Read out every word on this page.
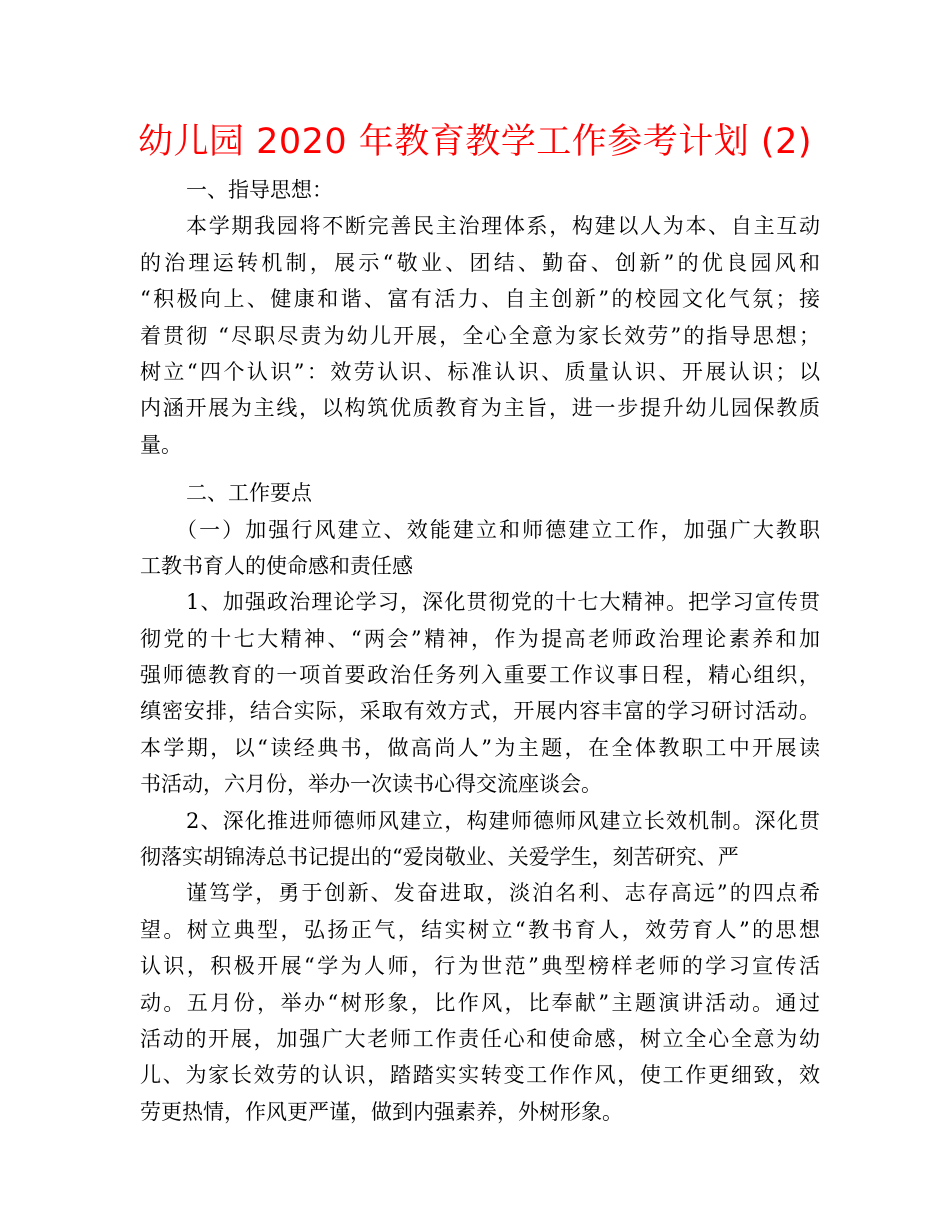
幼儿园 2020 年教育教学工作参考计划 (2)
一、指导思想：
本学期我园将不断完善民主治理体系，构建以人为本、自主互动
的治理运转机制，展示“敬业、团结、勤奋、创新”的优良园风和
“积极向上、健康和谐、富有活力、自主创新”的校园文化气氛；接
着贯彻 “尽职尽责为幼儿开展，全心全意为家长效劳”的指导思想；
树立“四个认识”：效劳认识、标准认识、质量认识、开展认识；以
内涵开展为主线，以构筑优质教育为主旨，进一步提升幼儿园保教质
量。
二、工作要点
（一）加强行风建立、效能建立和师德建立工作，加强广大教职
工教书育人的使命感和责任感
1、加强政治理论学习，深化贯彻党的十七大精神。把学习宣传贯
彻党的十七大精神、“两会”精神，作为提高老师政治理论素养和加
强师德教育的一项首要政治任务列入重要工作议事日程，精心组织，
缜密安排，结合实际，采取有效方式，开展内容丰富的学习研讨活动。
本学期，以“读经典书，做高尚人”为主题，在全体教职工中开展读
书活动，六月份，举办一次读书心得交流座谈会。
2、深化推进师德师风建立，构建师德师风建立长效机制。深化贯
彻落实胡锦涛总书记提出的“爱岗敬业、关爱学生，刻苦研究、严
谨笃学，勇于创新、发奋进取，淡泊名利、志存高远”的四点希
望。树立典型，弘扬正气，结实树立“教书育人，效劳育人”的思想
认识，积极开展“学为人师，行为世范”典型榜样老师的学习宣传活
动。五月份，举办“树形象，比作风，比奉献”主题演讲活动。通过
活动的开展，加强广大老师工作责任心和使命感，树立全心全意为幼
儿、为家长效劳的认识，踏踏实实转变工作作风，使工作更细致，效
劳更热情，作风更严谨，做到内强素养，外树形象。
